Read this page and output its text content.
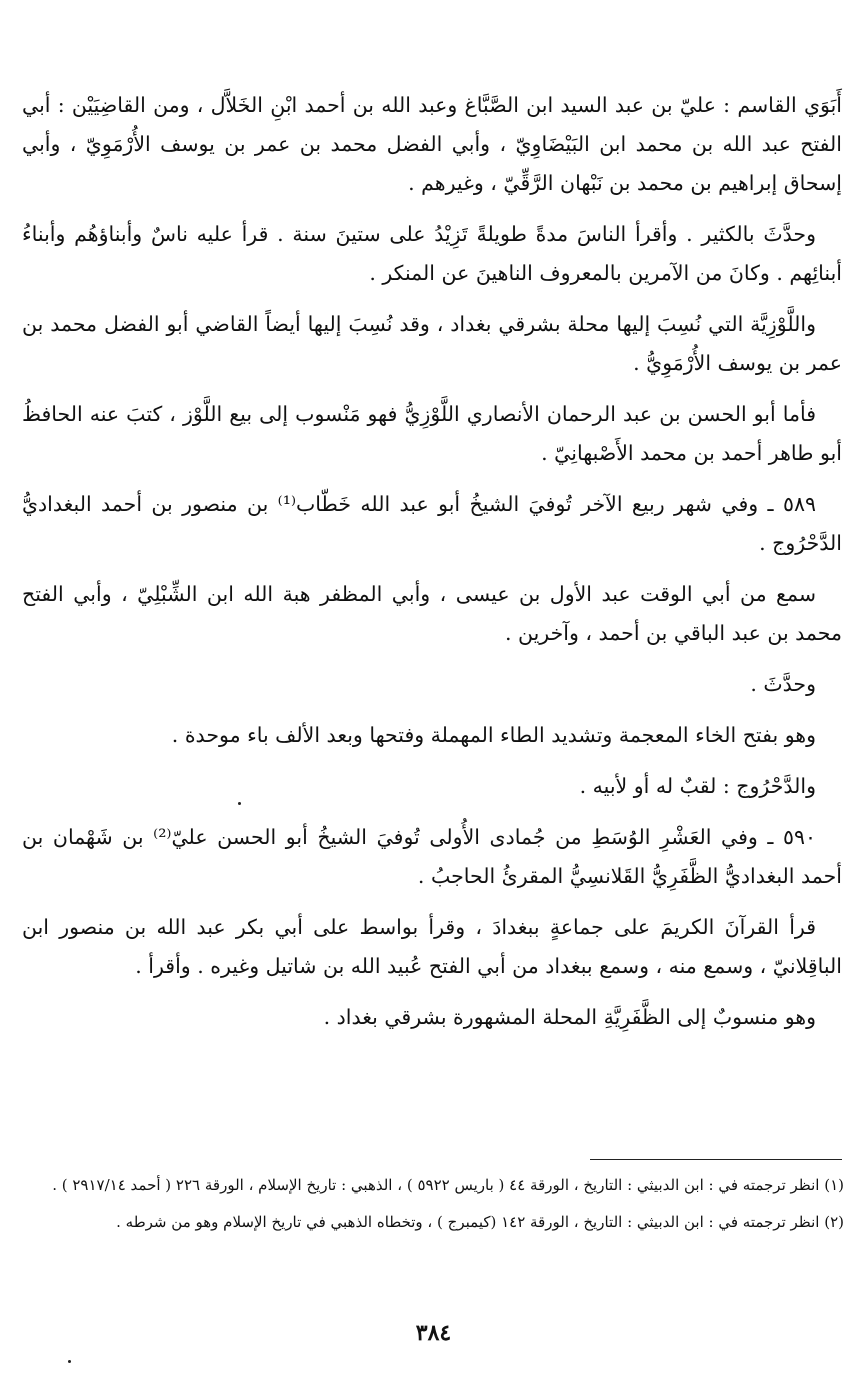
أَبَوَي القاسم : عليّ بن عبد السيد ابن الصَّبَّاغ وعبد الله بن أحمد ابْنِ الخَلاَّل ، ومن القاضِيَيْن : أبي الفتح عبد الله بن محمد ابن البَيْضَاوِيّ ، وأبي الفضل محمد بن عمر بن يوسف الأُرْمَوِيّ ، وأبي إسحاق إبراهيم بن محمد بن نَبْهان الرَّقِّيّ ، وغيرهم .

وحدَّثَ بالكثير . وأقرأ الناسَ مدةً طويلةً تَزِيْدُ على ستينَ سنة . قرأ عليه ناسٌ وأبناؤهُم وأبناءُ أبنائِهم . وكانَ من الآمرين بالمعروف الناهينَ عن المنكر .

واللَّوْزِيَّة التي نُسِبَ إليها محلة بشرقي بغداد ، وقد نُسِبَ إليها أيضاً القاضي أبو الفضل محمد بن عمر بن يوسف الأُرْمَوِيُّ .

فأما أبو الحسن بن عبد الرحمان الأنصاري اللَّوْزِيُّ فهو مَنْسوب إلى بيع اللَّوْز ، كتبَ عنه الحافظُ أبو طاهر أحمد بن محمد الأَصْبهانِيّ .

٥٨٩ ـ وفي شهر ربيع الآخر تُوفيَ الشيخُ أبو عبد الله خَطّاب⁽¹⁾ بن منصور بن أحمد البغداديُّ الدَّحْرُوج .

سمع من أبي الوقت عبد الأول بن عيسى ، وأبي المظفر هبة الله ابن الشِّبْلِيّ ، وأبي الفتح محمد بن عبد الباقي بن أحمد ، وآخرين .

وحدَّثَ .

وهو بفتح الخاء المعجمة وتشديد الطاء المهملة وفتحها وبعد الألف باء موحدة .

والدَّحْرُوج : لقبٌ له أو لأبيه .

٥٩٠ ـ وفي العَشْرِ الوُسَطِ من جُمادى الأُولى تُوفيَ الشيخُ أبو الحسن عليّ⁽²⁾ بن شَهْمان بن أحمد البغداديُّ الظَّفَرِيُّ القَلانسِيُّ المقرئُ الحاجبُ .

قرأ القرآنَ الكريمَ على جماعةٍ ببغدادَ ، وقرأ بواسط على أبي بكر عبد الله بن منصور ابن الباقِلانيّ ، وسمع منه ، وسمع ببغداد من أبي الفتح عُبيد الله بن شاتيل وغيره . وأقرأ .

وهو منسوبٌ إلى الظَّفَرِيَّةِ المحلة المشهورة بشرقي بغداد .

(١) انظر ترجمته في : ابن الدبيثي : التاريخ ، الورقة ٤٤ ( باريس ٥٩٢٢ ) ، الذهبي : تاريخ الإسلام ، الورقة ٢٢٦ ( أحمد ٢٩١٧/١٤ ) .

(٢) انظر ترجمته في : ابن الدبيثي : التاريخ ، الورقة ١٤٢ (كيمبرج ) ، وتخطاه الذهبي في تاريخ الإسلام وهو من شرطه .

٣٨٤
